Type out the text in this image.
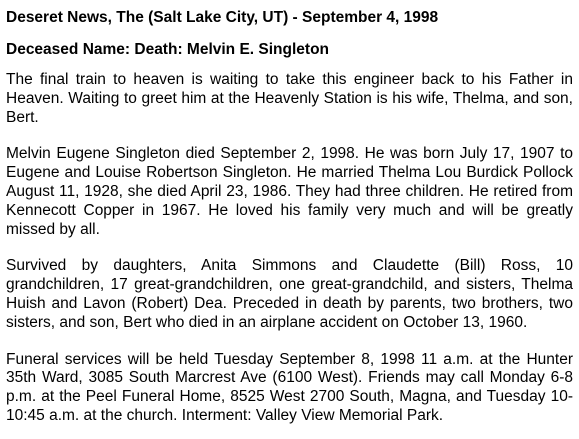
Deseret News, The (Salt Lake City, UT) - September 4, 1998
Deceased Name: Death: Melvin E. Singleton

The final train to heaven is waiting to take this engineer back to his Father in Heaven. Waiting to greet him at the Heavenly Station is his wife, Thelma, and son, Bert.

Melvin Eugene Singleton died September 2, 1998. He was born July 17, 1907 to Eugene and Louise Robertson Singleton. He married Thelma Lou Burdick Pollock August 11, 1928, she died April 23, 1986. They had three children. He retired from Kennecott Copper in 1967. He loved his family very much and will be greatly missed by all.

Survived by daughters, Anita Simmons and Claudette (Bill) Ross, 10 grandchildren, 17 great-grandchildren, one great-grandchild, and sisters, Thelma Huish and Lavon (Robert) Dea. Preceded in death by parents, two brothers, two sisters, and son, Bert who died in an airplane accident on October 13, 1960.

Funeral services will be held Tuesday September 8, 1998 11 a.m. at the Hunter 35th Ward, 3085 South Marcrest Ave (6100 West). Friends may call Monday 6-8 p.m. at the Peel Funeral Home, 8525 West 2700 South, Magna, and Tuesday 10-10:45 a.m. at the church. Interment: Valley View Memorial Park.
